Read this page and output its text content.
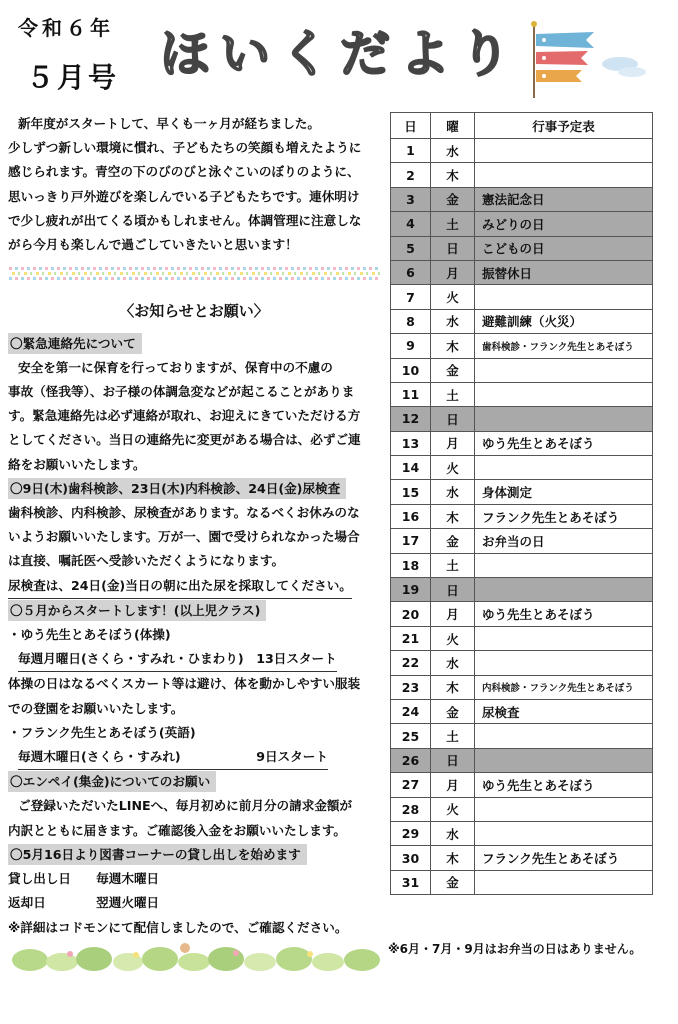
令和６年
５月号 ほいくだより

新年度がスタートして、早くも一ヶ月が経ちました。

少しずつ新しい環境に慣れ、子どもたちの笑顔も増えたように

感じられます。青空の下のびのびと泳ぐこいのぼりのように、

思いっきり戸外遊びを楽しんでいる子どもたちです。連休明け

で少し疲れが出てくる頃かもしれません。体調管理に注意しな

がら今月も楽しんで過ごしていきたいと思います！

〈お知らせとお願い〉
〇緊急連絡先について

安全を第一に保育を行っておりますが、保育中の不慮の

事故（怪我等）、お子様の体調急変などが起こることがありま

す。緊急連絡先は必ず連絡が取れ、お迎えにきていただける方

としてください。当日の連絡先に変更がある場合は、必ずご連

絡をお願いいたします。

〇9日(木)歯科検診、23日(木)内科検診、24日(金)尿検査

歯科検診、内科検診、尿検査があります。なるべくお休みのな

いようお願いいたします。万が一、園で受けられなかった場合

は直接、嘱託医へ受診いただくようになります。

尿検査は、24日(金)当日の朝に出た尿を採取してください。

〇５月からスタートします！(以上児クラス)

・ゆう先生とあそぼう(体操)

毎週月曜日(さくら・すみれ・ひまわり)　13日スタート

体操の日はなるべくスカート等は避け、体を動かしやすい服装

での登園をお願いいたします。

・フランク先生とあそぼう(英語)

毎週木曜日(さくら・すみれ)　　　　　　9日スタート

〇エンペイ(集金)についてのお願い

ご登録いただいたLINEへ、毎月初めに前月分の請求金額が

内訳とともに届きます。ご確認後入金をお願いいたします。

〇5月16日より図書コーナーの貸し出しを始めます

貸し出し日　　毎週木曜日

返却日　　　　翌週火曜日

※詳細はコドモンにて配信しましたので、ご確認ください。

日	曜	行事予定表
1	水	
2	木	
3	金	憲法記念日
4	土	みどりの日
5	日	こどもの日
6	月	振替休日
7	火	
8	水	避難訓練（火災）
9	木	歯科検診・フランク先生とあそぼう
10	金	
11	土	
12	日	
13	月	ゆう先生とあそぼう
14	火	
15	水	身体測定
16	木	フランク先生とあそぼう
17	金	お弁当の日
18	土	
19	日	
20	月	ゆう先生とあそぼう
21	火	
22	水	
23	木	内科検診・フランク先生とあそぼう
24	金	尿検査
25	土	
26	日	
27	月	ゆう先生とあそぼう
28	火	
29	水	
30	木	フランク先生とあそぼう
31	金	
※6月・7月・9月はお弁当の日はありません。
